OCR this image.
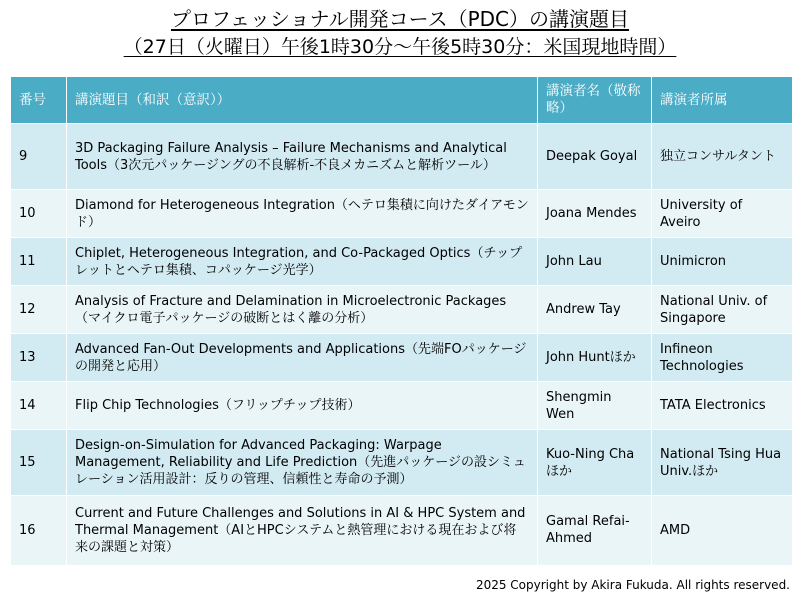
プロフェッショナル開発コース（PDC）の講演題目
（27日（火曜日）午後1時30分～午後5時30分：米国現地時間）
番号	講演題目（和訳（意訳））	講演者名（敬称略）	講演者所属
9	3D Packaging Failure Analysis – Failure Mechanisms and Analytical Tools（3次元パッケージングの不良解析-不良メカニズムと解析ツール）	Deepak Goyal	独立コンサルタント
10	Diamond for Heterogeneous Integration（ヘテロ集積に向けたダイアモンド）	Joana Mendes	University of Aveiro
11	Chiplet, Heterogeneous Integration, and Co-Packaged Optics（チップレットとヘテロ集積、コパッケージ光学）	John Lau	Unimicron
12	Analysis of Fracture and Delamination in Microelectronic Packages（マイクロ電子パッケージの破断とはく離の分析）	Andrew Tay	National Univ. of Singapore
13	Advanced Fan-Out Developments and Applications（先端FOパッケージの開発と応用）	John Huntほか	Infineon Technologies
14	Flip Chip Technologies（フリップチップ技術）	Shengmin Wen	TATA Electronics
15	Design-on-Simulation for Advanced Packaging: Warpage Management, Reliability and Life Prediction（先進パッケージの設シミュレーション活用設計：反りの管理、信頼性と寿命の予測）	Kuo-Ning Chaほか	National Tsing Hua Univ.ほか
16	Current and Future Challenges and Solutions in AI & HPC System and Thermal Management（AIとHPCシステムと熱管理における現在および将来の課題と対策）	Gamal Refai-Ahmed	AMD
2025 Copyright by Akira Fukuda. All rights reserved.
